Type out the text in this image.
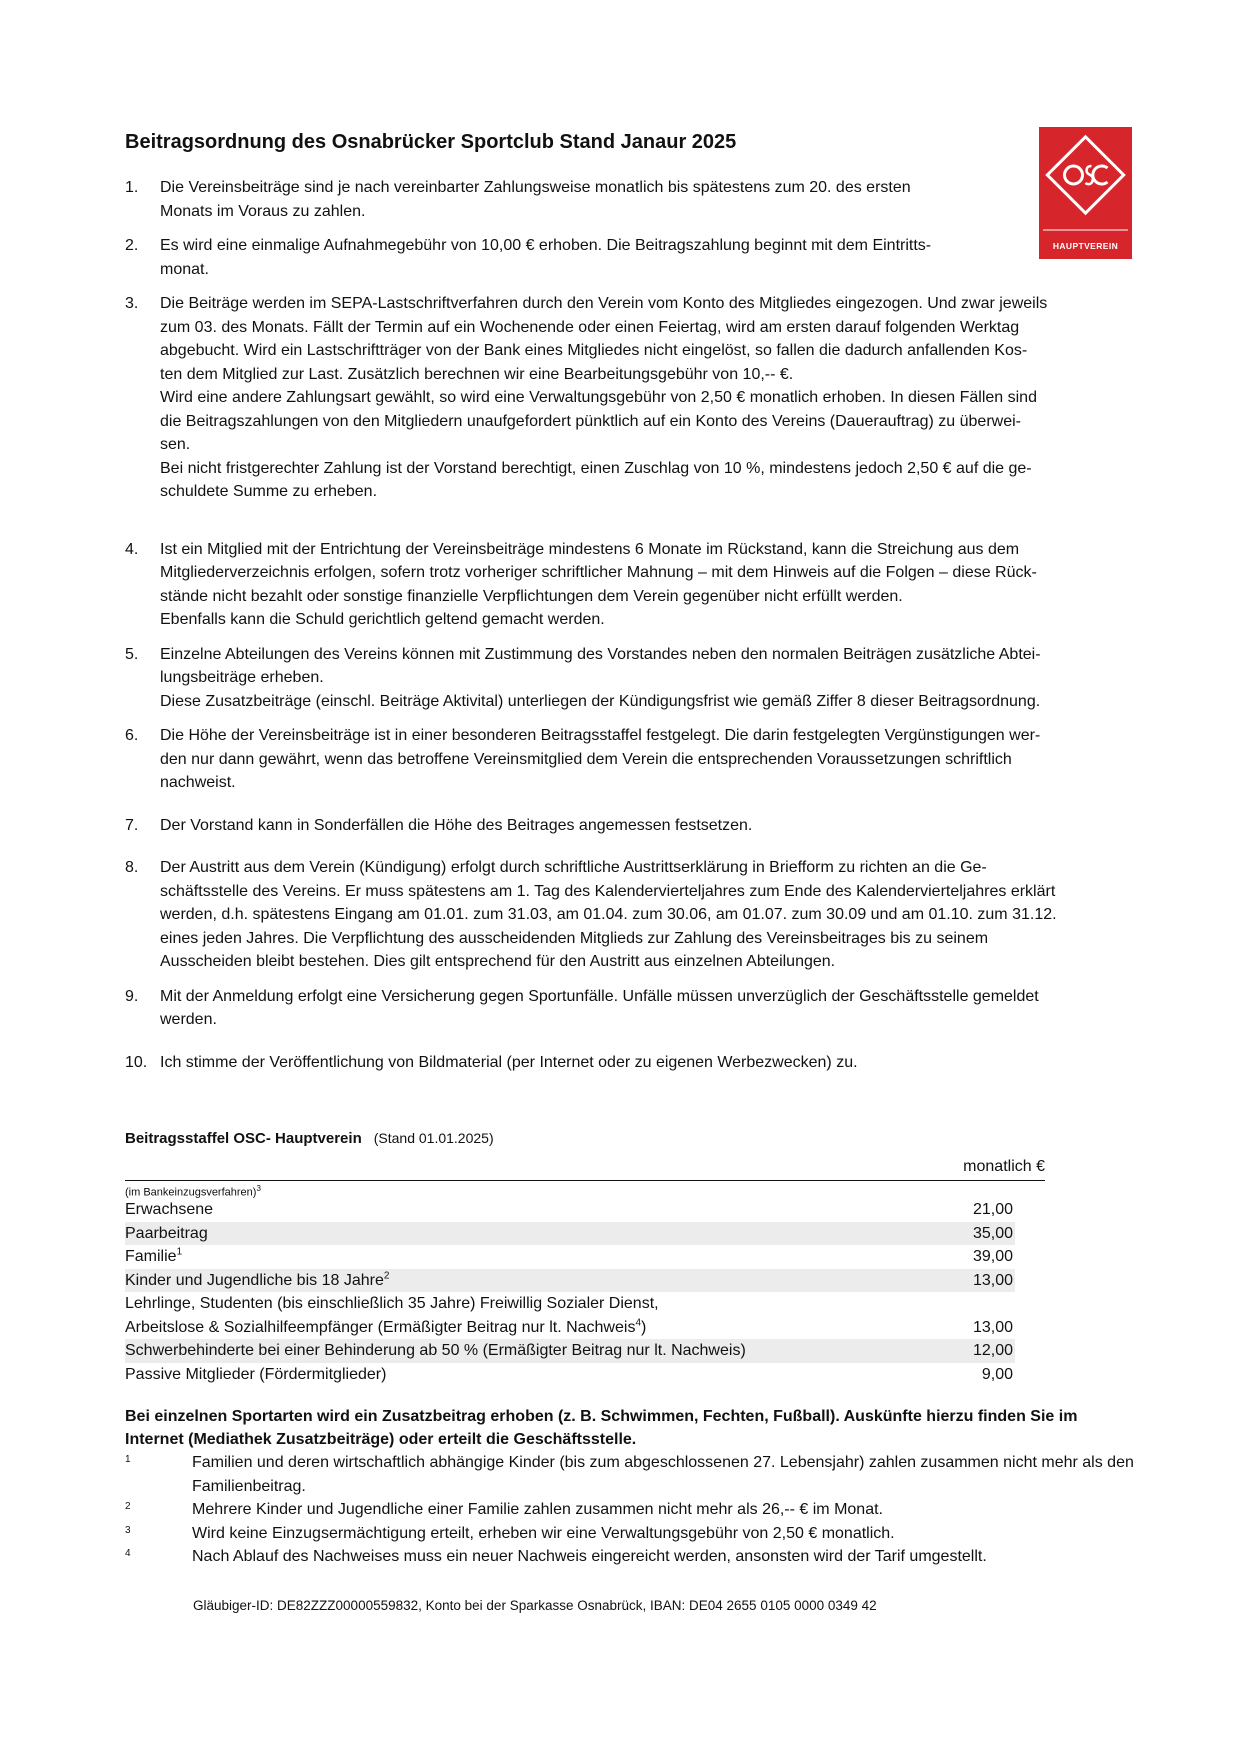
Beitragsordnung des Osnabrücker Sportclub Stand Janaur 2025
HAUPTVEREIN
1. Die Vereinsbeiträge sind je nach vereinbarter Zahlungsweise monatlich bis spätestens zum 20. des ersten

Monats im Voraus zu zahlen.

2. Es wird eine einmalige Aufnahmegebühr von 10,00 € erhoben. Die Beitragszahlung beginnt mit dem Eintritts-

monat.

3. Die Beiträge werden im SEPA-Lastschriftverfahren durch den Verein vom Konto des Mitgliedes eingezogen. Und zwar jeweils

zum 03. des Monats. Fällt der Termin auf ein Wochenende oder einen Feiertag, wird am ersten darauf folgenden Werktag

abgebucht. Wird ein Lastschriftträger von der Bank eines Mitgliedes nicht eingelöst, so fallen die dadurch anfallenden Kos-

ten dem Mitglied zur Last. Zusätzlich berechnen wir eine Bearbeitungsgebühr von 10,-- €.

Wird eine andere Zahlungsart gewählt, so wird eine Verwaltungsgebühr von 2,50 € monatlich erhoben. In diesen Fällen sind

die Beitragszahlungen von den Mitgliedern unaufgefordert pünktlich auf ein Konto des Vereins (Dauerauftrag) zu überwei-

sen.

Bei nicht fristgerechter Zahlung ist der Vorstand berechtigt, einen Zuschlag von 10 %, mindestens jedoch 2,50 € auf die ge-

schuldete Summe zu erheben.

4. Ist ein Mitglied mit der Entrichtung der Vereinsbeiträge mindestens 6 Monate im Rückstand, kann die Streichung aus dem

Mitgliederverzeichnis erfolgen, sofern trotz vorheriger schriftlicher Mahnung – mit dem Hinweis auf die Folgen – diese Rück-

stände nicht bezahlt oder sonstige finanzielle Verpflichtungen dem Verein gegenüber nicht erfüllt werden.

Ebenfalls kann die Schuld gerichtlich geltend gemacht werden.

5. Einzelne Abteilungen des Vereins können mit Zustimmung des Vorstandes neben den normalen Beiträgen zusätzliche Abtei-

lungsbeiträge erheben.

Diese Zusatzbeiträge (einschl. Beiträge Aktivital) unterliegen der Kündigungsfrist wie gemäß Ziffer 8 dieser Beitragsordnung.

6. Die Höhe der Vereinsbeiträge ist in einer besonderen Beitragsstaffel festgelegt. Die darin festgelegten Vergünstigungen wer-

den nur dann gewährt, wenn das betroffene Vereinsmitglied dem Verein die entsprechenden Voraussetzungen schriftlich

nachweist.

7. Der Vorstand kann in Sonderfällen die Höhe des Beitrages angemessen festsetzen.

8. Der Austritt aus dem Verein (Kündigung) erfolgt durch schriftliche Austrittserklärung in Briefform zu richten an die Ge-

schäftsstelle des Vereins. Er muss spätestens am 1. Tag des Kalendervierteljahres zum Ende des Kalendervierteljahres erklärt

werden, d.h. spätestens Eingang am 01.01. zum 31.03, am 01.04. zum 30.06, am 01.07. zum 30.09 und am 01.10. zum 31.12.

eines jeden Jahres. Die Verpflichtung des ausscheidenden Mitglieds zur Zahlung des Vereinsbeitrages bis zu seinem

Ausscheiden bleibt bestehen. Dies gilt entsprechend für den Austritt aus einzelnen Abteilungen.

9. Mit der Anmeldung erfolgt eine Versicherung gegen Sportunfälle. Unfälle müssen unverzüglich der Geschäftsstelle gemeldet

werden.

10. Ich stimme der Veröffentlichung von Bildmaterial (per Internet oder zu eigenen Werbezwecken) zu.

Beitragsstaffel OSC- Hauptverein (Stand 01.01.2025)
monatlich €
(im Bankeinzugsverfahren)$^3$
Erwachsene	21,00
Paarbeitrag	35,00
Familie$^1$	39,00
Kinder und Jugendliche bis 18 Jahre$^2$	13,00
Lehrlinge, Studenten (bis einschließlich 35 Jahre) Freiwillig Sozialer Dienst,	
Arbeitslose & Sozialhilfeempfänger (Ermäßigter Beitrag nur lt. Nachweis$^4$)	13,00
Schwerbehinderte bei einer Behinderung ab 50 % (Ermäßigter Beitrag nur lt. Nachweis)	12,00
Passive Mitglieder (Fördermitglieder)	9,00

Bei einzelnen Sportarten wird ein Zusatzbeitrag erhoben (z. B. Schwimmen, Fechten, Fußball). Auskünfte hierzu finden Sie im Internet (Mediathek Zusatzbeiträge) oder erteilt die Geschäftsstelle.

1	Familien und deren wirtschaftlich abhängige Kinder (bis zum abgeschlossenen 27. Lebensjahr) zahlen zusammen nicht mehr als den Familienbeitrag.
2	Mehrere Kinder und Jugendliche einer Familie zahlen zusammen nicht mehr als 26,-- € im Monat.
3	Wird keine Einzugsermächtigung erteilt, erheben wir eine Verwaltungsgebühr von 2,50 € monatlich.
4	Nach Ablauf des Nachweises muss ein neuer Nachweis eingereicht werden, ansonsten wird der Tarif umgestellt.
Gläubiger-ID: DE82ZZZ00000559832, Konto bei der Sparkasse Osnabrück, IBAN: DE04 2655 0105 0000 0349 42
